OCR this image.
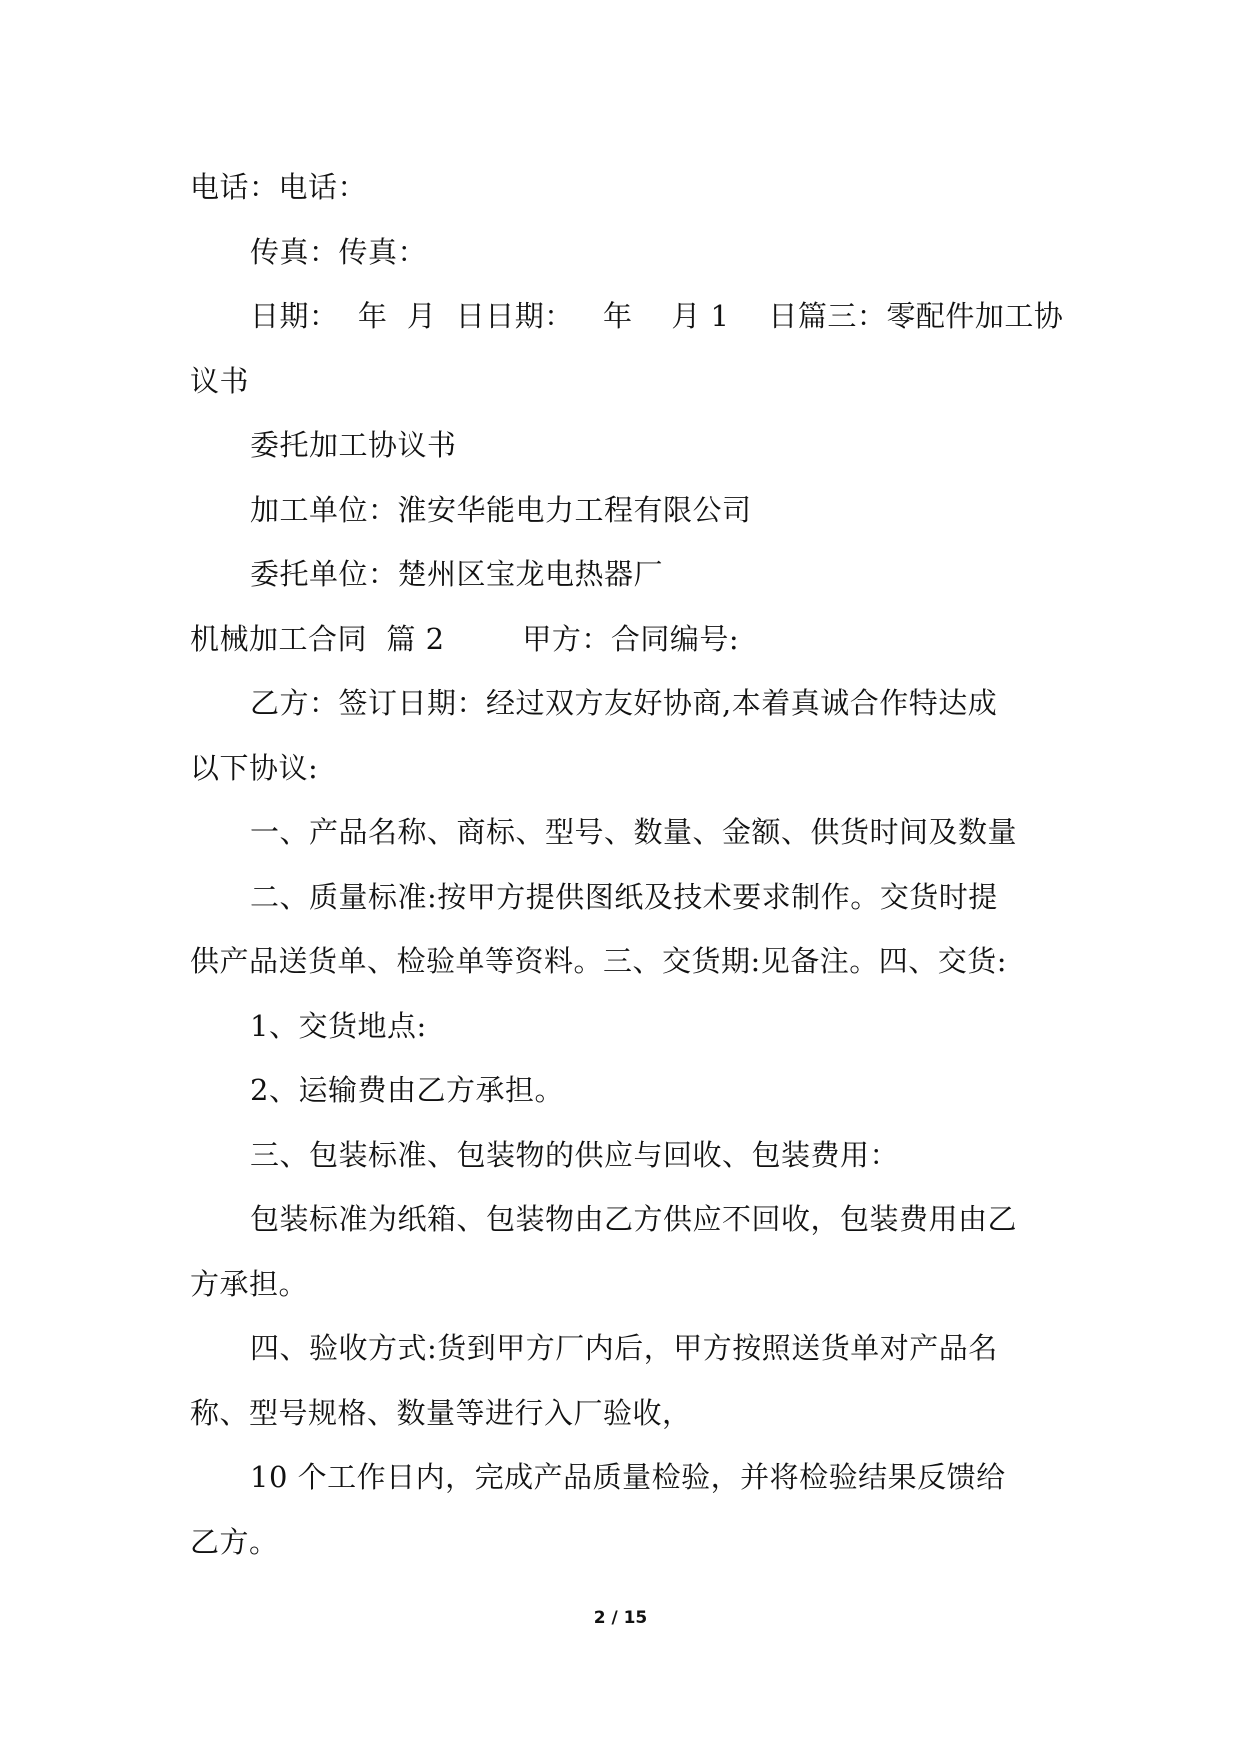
电话：电话：

传真：传真：

日期：  年  月  日日期：   年    月 1    日篇三：零配件加工协

议书

委托加工协议书

加工单位：淮安华能电力工程有限公司

委托单位：楚州区宝龙电热器厂

机械加工合同  篇 2        甲方：合同编号:

乙方：签订日期：经过双方友好协商,本着真诚合作特达成

以下协议:

一、产品名称、商标、型号、数量、金额、供货时间及数量

二、质量标准:按甲方提供图纸及技术要求制作。交货时提

供产品送货单、检验单等资料。三、交货期:见备注。四、交货:

1、交货地点:

2、运输费由乙方承担。

三、包装标准、包装物的供应与回收、包装费用：

包装标准为纸箱、包装物由乙方供应不回收，包装费用由乙

方承担。

四、验收方式:货到甲方厂内后，甲方按照送货单对产品名

称、型号规格、数量等进行入厂验收，

10 个工作日内，完成产品质量检验，并将检验结果反馈给

乙方。

2 / 15
